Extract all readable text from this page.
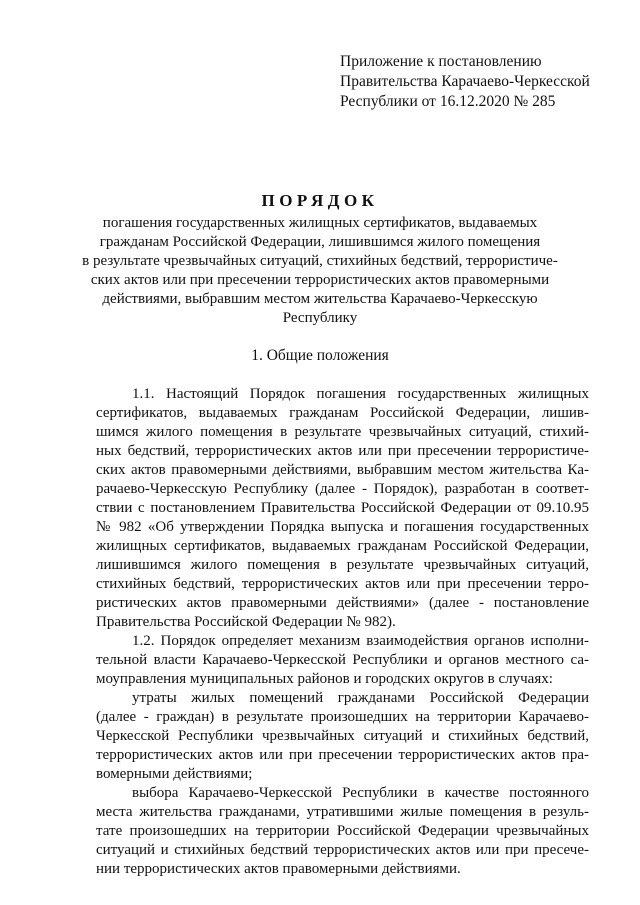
Приложение к постановлению
Правительства Карачаево-Черкесской
Республики от 16.12.2020 № 285
ПОРЯДОК
погашения государственных жилищных сертификатов, выдаваемых
гражданам Российской Федерации, лишившимся жилого помещения
в результате чрезвычайных ситуаций, стихийных бедствий, террористиче-
ских актов или при пресечении террористических актов правомерными
действиями, выбравшим местом жительства Карачаево-Черкесскую
Республику
1. Общие положения
1.1. Настоящий Порядок погашения государственных жилищных
сертификатов, выдаваемых гражданам Российской Федерации, лишив-
шимся жилого помещения в результате чрезвычайных ситуаций, стихий-
ных бедствий, террористических актов или при пресечении террористиче-
ских актов правомерными действиями, выбравшим местом жительства Ка-
рачаево-Черкесскую Республику (далее - Порядок), разработан в соответ-
ствии с постановлением Правительства Российской Федерации от 09.10.95
№ 982 «Об утверждении Порядка выпуска и погашения государственных
жилищных сертификатов, выдаваемых гражданам Российской Федерации,
лишившимся жилого помещения в результате чрезвычайных ситуаций,
стихийных бедствий, террористических актов или при пресечении терро-
ристических актов правомерными действиями» (далее - постановление
Правительства Российской Федерации № 982).
1.2. Порядок определяет механизм взаимодействия органов исполни-
тельной власти Карачаево-Черкесской Республики и органов местного са-
моуправления муниципальных районов и городских округов в случаях:
утраты жилых помещений гражданами Российской Федерации
(далее - граждан) в результате произошедших на территории Карачаево-
Черкесской Республики чрезвычайных ситуаций и стихийных бедствий,
террористических актов или при пресечении террористических актов пра-
вомерными действиями;
выбора Карачаево-Черкесской Республики в качестве постоянного
места жительства гражданами, утратившими жилые помещения в резуль-
тате произошедших на территории Российской Федерации чрезвычайных
ситуаций и стихийных бедствий террористических актов или при пресече-
нии террористических актов правомерными действиями.
